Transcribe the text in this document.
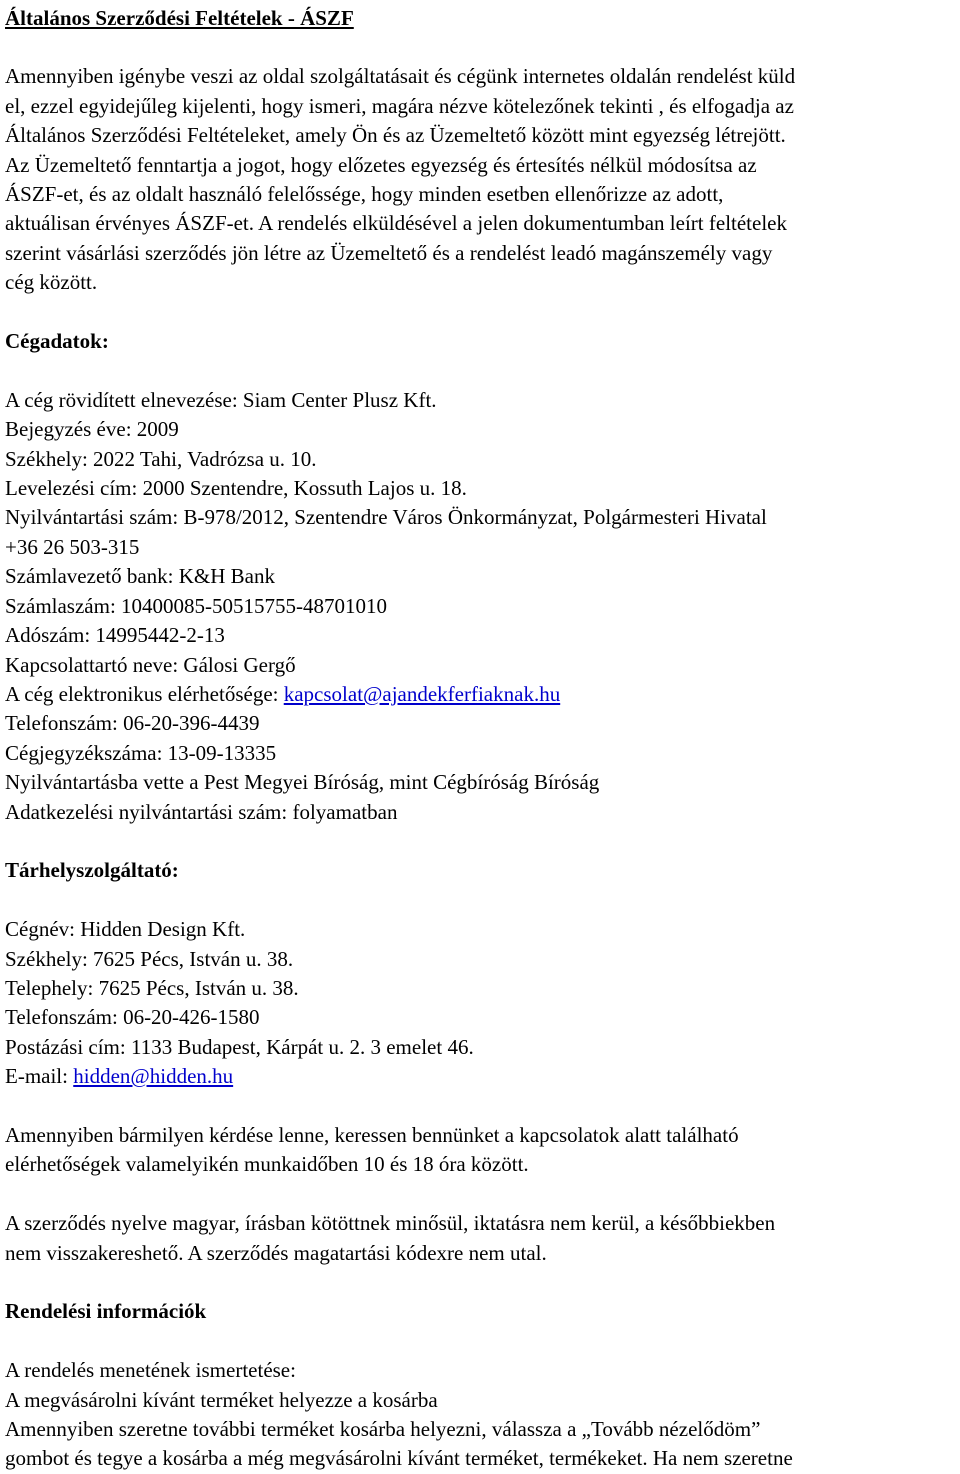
Általános Szerződési Feltételek - ÁSZF
Amennyiben igénybe veszi az oldal szolgáltatásait és cégünk internetes oldalán rendelést küld
el, ezzel egyidejűleg kijelenti, hogy ismeri, magára nézve kötelezőnek tekinti , és elfogadja az
Általános Szerződési Feltételeket, amely Ön és az Üzemeltető között mint egyezség létrejött.
Az Üzemeltető fenntartja a jogot, hogy előzetes egyezség és értesítés nélkül módosítsa az
ÁSZF-et, és az oldalt használó felelőssége, hogy minden esetben ellenőrizze az adott,
aktuálisan érvényes ÁSZF-et. A rendelés elküldésével a jelen dokumentumban leírt feltételek
szerint vásárlási szerződés jön létre az Üzemeltető és a rendelést leadó magánszemély vagy
cég között.
Cégadatok:
A cég rövidített elnevezése: Siam Center Plusz Kft.
Bejegyzés éve: 2009
Székhely: 2022 Tahi, Vadrózsa u. 10.
Levelezési cím: 2000 Szentendre, Kossuth Lajos u. 18.
Nyilvántartási szám: B-978/2012, Szentendre Város Önkormányzat, Polgármesteri Hivatal
+36 26 503-315
Számlavezető bank: K&H Bank
Számlaszám: 10400085-50515755-48701010
Adószám: 14995442-2-13
Kapcsolattartó neve: Gálosi Gergő
A cég elektronikus elérhetősége: kapcsolat@ajandekferfiaknak.hu
Telefonszám: 06-20-396-4439
Cégjegyzékszáma: 13-09-13335
Nyilvántartásba vette a Pest Megyei Bíróság, mint Cégbíróság Bíróság
Adatkezelési nyilvántartási szám: folyamatban
Tárhelyszolgáltató:
Cégnév: Hidden Design Kft.
Székhely: 7625 Pécs, István u. 38.
Telephely: 7625 Pécs, István u. 38.
Telefonszám: 06-20-426-1580
Postázási cím: 1133 Budapest, Kárpát u. 2. 3 emelet 46.
E-mail: hidden@hidden.hu
Amennyiben bármilyen kérdése lenne, keressen bennünket a kapcsolatok alatt található
elérhetőségek valamelyikén munkaidőben 10 és 18 óra között.
A szerződés nyelve magyar, írásban kötöttnek minősül, iktatásra nem kerül, a későbbiekben
nem visszakereshető. A szerződés magatartási kódexre nem utal.
Rendelési információk
A rendelés menetének ismertetése:
A megvásárolni kívánt terméket helyezze a kosárba
Amennyiben szeretne további terméket kosárba helyezni, válassza a „Tovább nézelődöm”
gombot és tegye a kosárba a még megvásárolni kívánt terméket, termékeket. Ha nem szeretne
